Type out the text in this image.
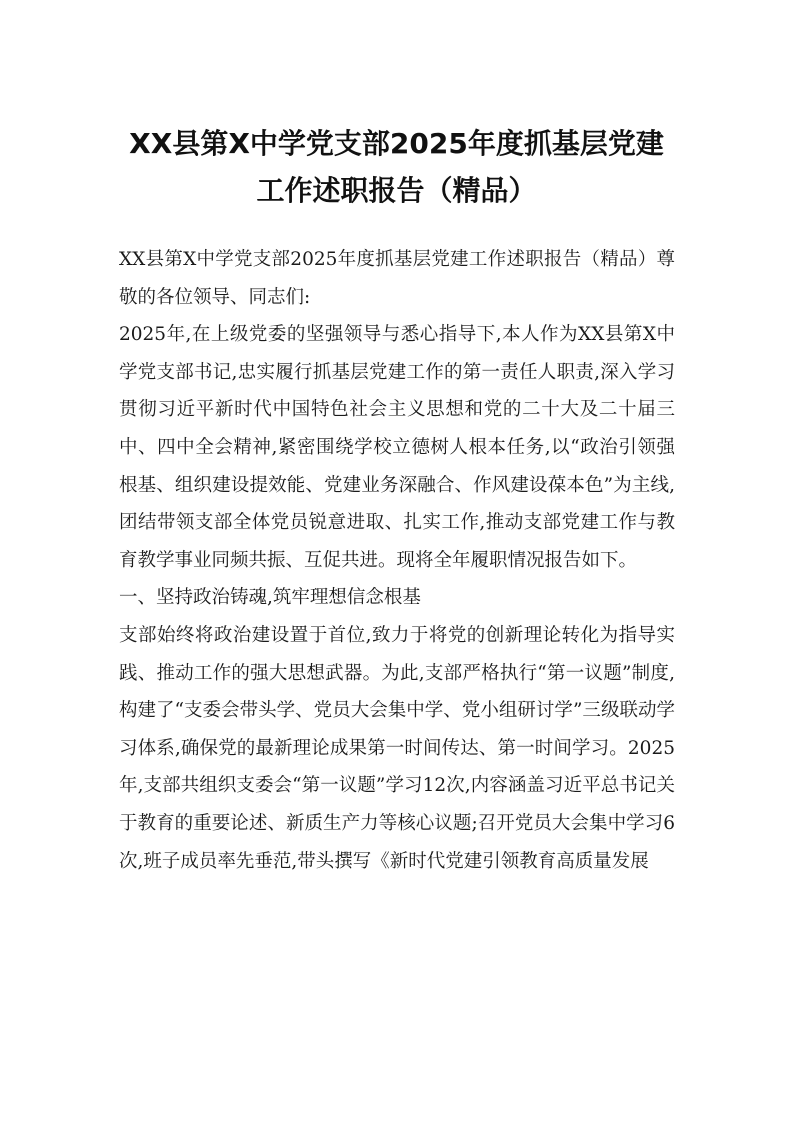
XX县第X中学党支部2025年度抓基层党建
工作述职报告（精品）

XX县第X中学党支部2025年度抓基层党建工作述职报告（精品）尊敬的各位领导、同志们:

2025年,在上级党委的坚强领导与悉心指导下,本人作为XX县第X中学党支部书记,忠实履行抓基层党建工作的第一责任人职责,深入学习贯彻习近平新时代中国特色社会主义思想和党的二十大及二十届三中、四中全会精神,紧密围绕学校立德树人根本任务,以“政治引领强根基、组织建设提效能、党建业务深融合、作风建设葆本色”为主线,团结带领支部全体党员锐意进取、扎实工作,推动支部党建工作与教育教学事业同频共振、互促共进。现将全年履职情况报告如下。

一、坚持政治铸魂,筑牢理想信念根基

支部始终将政治建设置于首位,致力于将党的创新理论转化为指导实践、推动工作的强大思想武器。为此,支部严格执行“第一议题”制度,构建了“支委会带头学、党员大会集中学、党小组研讨学”三级联动学习体系,确保党的最新理论成果第一时间传达、第一时间学习。2025年,支部共组织支委会“第一议题”学习12次,内容涵盖习近平总书记关于教育的重要论述、新质生产力等核心议题;召开党员大会集中学习6次,班子成员率先垂范,带头撰写《新时代党建引领教育高质量发展
